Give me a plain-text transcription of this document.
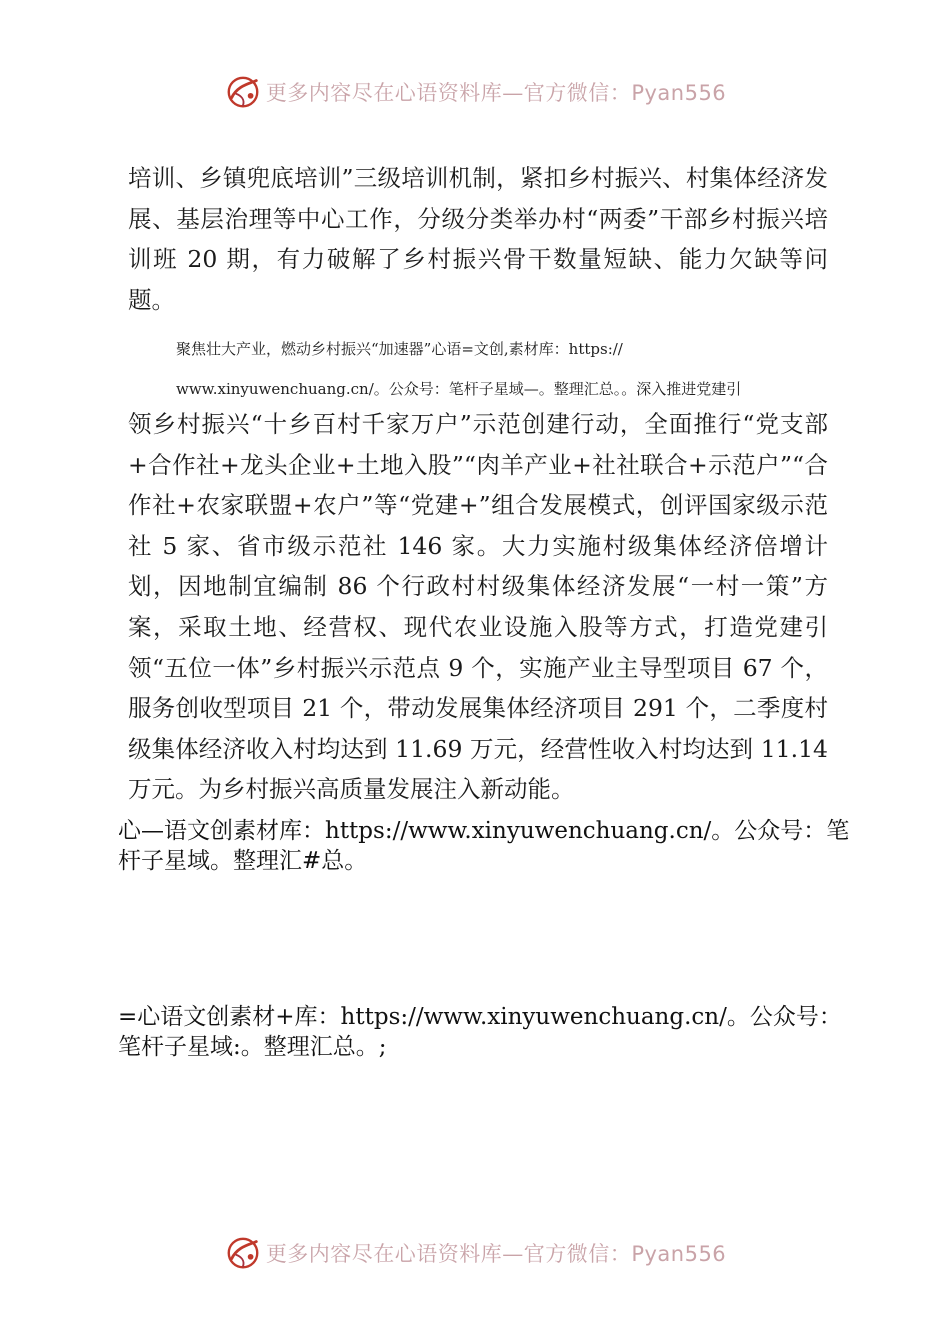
更多内容尽在心语资料库—官方微信：Pyan556
培训、乡镇兜底培训”三级培训机制，紧扣乡村振兴、村集体经济发展、基层治理等中心工作，分级分类举办村“两委”干部乡村振兴培训班 20 期，有力破解了乡村振兴骨干数量短缺、能力欠缺等问题。
聚焦壮大产业，燃动乡村振兴“加速器”心语=文创,素材库：https://
www.xinyuwenchuang.cn/。公众号：笔杆子星域—。整理汇总。。深入推进党建引
领乡村振兴“十乡百村千家万户”示范创建行动，全面推行“党支部+合作社+龙头企业+土地入股”“肉羊产业+社社联合+示范户”“合作社+农家联盟+农户”等“党建+”组合发展模式，创评国家级示范社 5 家、省市级示范社 146 家。大力实施村级集体经济倍增计划，因地制宜编制 86 个行政村村级集体经济发展“一村一策”方案，采取土地、经营权、现代农业设施入股等方式，打造党建引领“五位一体”乡村振兴示范点 9 个，实施产业主导型项目 67 个，服务创收型项目 21 个，带动发展集体经济项目 291 个，二季度村级集体经济收入村均达到 11.69 万元，经营性收入村均达到 11.14 万元。为乡村振兴高质量发展注入新动能。
心—语文创素材库：https://www.xinyuwenchuang.cn/。公众号：笔杆子星域。整理汇#总。
=心语文创素材+库：https://www.xinyuwenchuang.cn/。公众号：笔杆子星域:。整理汇总。;
更多内容尽在心语资料库—官方微信：Pyan556
